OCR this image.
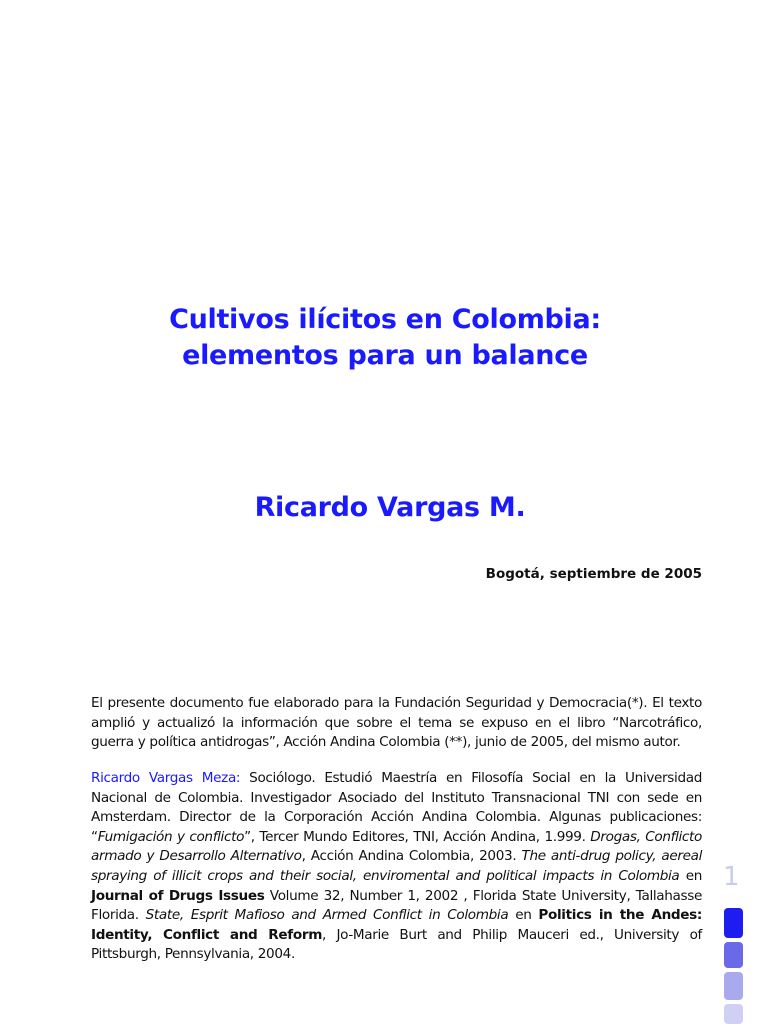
Cultivos ilícitos en Colombia:
elementos para un balance
Ricardo Vargas M.
Bogotá, septiembre de 2005
El presente documento fue elaborado para la Fundación Seguridad y Democracia(*). El texto amplió y actualizó la información que sobre el tema se expuso en el libro “Narcotráfico, guerra y política antidrogas”, Acción Andina Colombia (**), junio de 2005, del mismo autor.
Ricardo Vargas Meza: Sociólogo. Estudió Maestría en Filosofía Social en la Universidad Nacional de Colombia. Investigador Asociado del Instituto Transnacional TNI con sede en Amsterdam. Director de la Corporación Acción Andina Colombia. Algunas publicaciones: “Fumigación y conflicto”, Tercer Mundo Editores, TNI, Acción Andina, 1.999. Drogas, Conflicto armado y Desarrollo Alternativo, Acción Andina Colombia, 2003. The anti-drug policy, aereal spraying of illicit crops and their social, enviromental and political impacts in Colombia en Journal of Drugs Issues Volume 32, Number 1, 2002 , Florida State University, Tallahasse Florida. State, Esprit Mafioso and Armed Conflict in Colombia en Politics in the Andes: Identity, Conflict and Reform, Jo-Marie Burt and Philip Mauceri ed., University of Pittsburgh, Pennsylvania, 2004.
1
